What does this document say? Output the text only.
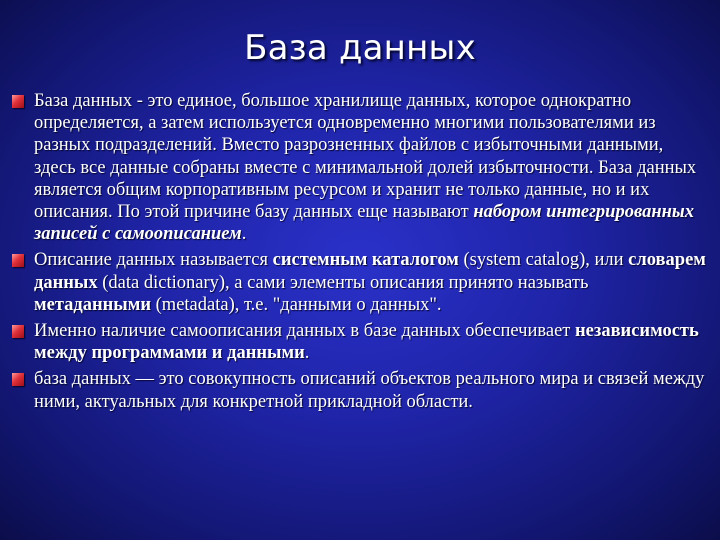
База данных
База данных - это единое, большое хранилище данных, которое однократно определяется, а затем используется одновременно многими пользователями из разных подразделений. Вместо разрозненных файлов с избыточными данными, здесь все данные собраны вместе с минимальной долей избыточности. База данных является общим корпоративным ресурсом и хранит не только данные, но и их описания. По этой причине базу данных еще называют набором интегрированных записей с самоописанием.
Описание данных называется системным каталогом (system catalog), или словарем данных (data dictionary), а сами элементы описания принято называть метаданными (metadata), т.е. "данными о данных".
Именно наличие самоописания данных в базе данных обеспечивает независимость между программами и данными.
база данных — это совокупность описаний объектов реального мира и связей между ними, актуальных для конкретной прикладной области.
